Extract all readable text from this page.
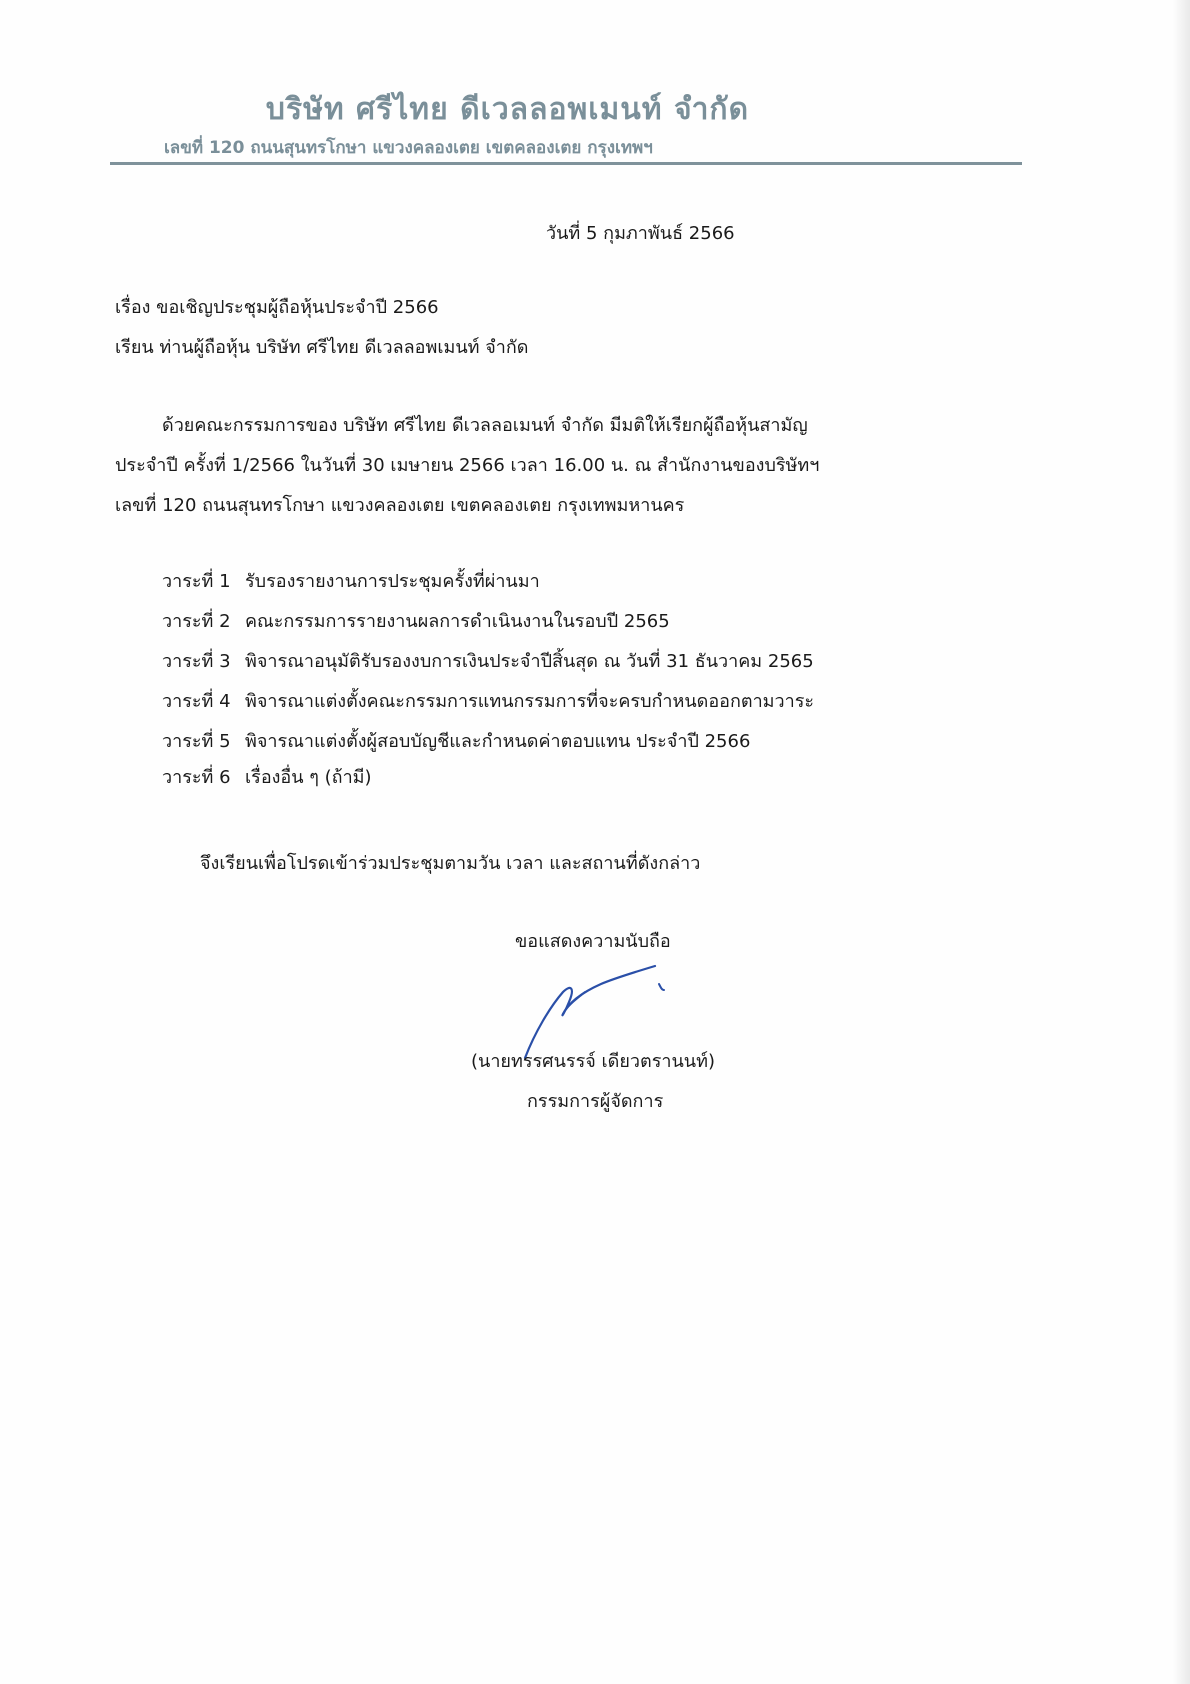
บริษัท ศรีไทย ดีเวลลอพเมนท์ จำกัด
เลขที่ 120 ถนนสุนทรโกษา แขวงคลองเตย เขตคลองเตย กรุงเทพฯ
วันที่ 5 กุมภาพันธ์ 2566
เรื่อง ขอเชิญประชุมผู้ถือหุ้นประจำปี 2566
เรียน ท่านผู้ถือหุ้น บริษัท ศรีไทย ดีเวลลอพเมนท์ จำกัด
ด้วยคณะกรรมการของ บริษัท ศรีไทย ดีเวลลอเมนท์ จำกัด มีมติให้เรียกผู้ถือหุ้นสามัญ
ประจำปี ครั้งที่ 1/2566 ในวันที่ 30 เมษายน 2566 เวลา 16.00 น. ณ สำนักงานของบริษัทฯ
เลขที่ 120 ถนนสุนทรโกษา แขวงคลองเตย เขตคลองเตย กรุงเทพมหานคร
วาระที่ 1 รับรองรายงานการประชุมครั้งที่ผ่านมา
วาระที่ 2 คณะกรรมการรายงานผลการดำเนินงานในรอบปี 2565
วาระที่ 3 พิจารณาอนุมัติรับรองงบการเงินประจำปีสิ้นสุด ณ วันที่ 31 ธันวาคม 2565
วาระที่ 4 พิจารณาแต่งตั้งคณะกรรมการแทนกรรมการที่จะครบกำหนดออกตามวาระ
วาระที่ 5 พิจารณาแต่งตั้งผู้สอบบัญชีและกำหนดค่าตอบแทน ประจำปี 2566
วาระที่ 6 เรื่องอื่น ๆ (ถ้ามี)
จึงเรียนเพื่อโปรดเข้าร่วมประชุมตามวัน เวลา และสถานที่ดังกล่าว
ขอแสดงความนับถือ
(นายทรรศนรรจ์ เดียวตรานนท์)
กรรมการผู้จัดการ
